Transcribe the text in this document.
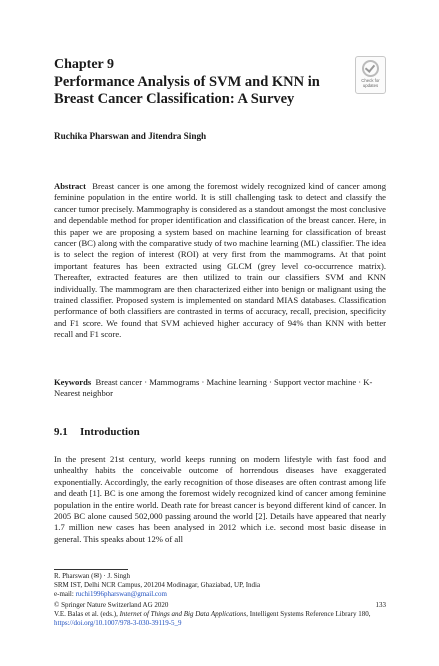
Chapter 9
Performance Analysis of SVM and KNN in Breast Cancer Classification: A Survey
Check for
updates
Ruchika Pharswan and Jitendra Singh
Abstract Breast cancer is one among the foremost widely recognized kind of cancer among feminine population in the entire world. It is still challenging task to detect and classify the cancer tumor precisely. Mammography is considered as a standout amongst the most conclusive and dependable method for proper identification and classification of the breast cancer. Here, in this paper we are proposing a system based on machine learning for classification of breast cancer (BC) along with the comparative study of two machine learning (ML) classifier. The idea is to select the region of interest (ROI) at very first from the mammograms. At that point important features has been extracted using GLCM (grey level co-occurrence matrix). Thereafter, extracted features are then utilized to train our classifiers SVM and KNN individually. The mammogram are then characterized either into benign or malignant using the trained classifier. Proposed system is implemented on standard MIAS databases. Classification performance of both classifiers are contrasted in terms of accuracy, recall, precision, specificity and F1 score. We found that SVM achieved higher accuracy of 94% than KNN with better recall and F1 score.
Keywords Breast cancer · Mammograms · Machine learning · Support vector machine · K-Nearest neighbor
9.1 Introduction
In the present 21st century, world keeps running on modern lifestyle with fast food and unhealthy habits the conceivable outcome of horrendous diseases have exaggerated exponentially. Accordingly, the early recognition of those diseases are often contrast among life and death [1]. BC is one among the foremost widely recognized kind of cancer among feminine population in the entire world. Death rate for breast cancer is beyond different kind of cancer. In 2005 BC alone caused 502,000 passing around the world [2]. Details have appeared that nearly 1.7 million new cases has been analysed in 2012 which i.e. second most basic disease in general. This speaks about 12% of all
R. Pharswan (✉) · J. Singh
SRM IST, Delhi NCR Campus, 201204 Modinagar, Ghaziabad, UP, India
e-mail: ruchi1996pharswan@gmail.com
© Springer Nature Switzerland AG 2020	133
V.E. Balas et al. (eds.), Internet of Things and Big Data Applications, Intelligent Systems Reference Library 180, https://doi.org/10.1007/978-3-030-39119-5_9
